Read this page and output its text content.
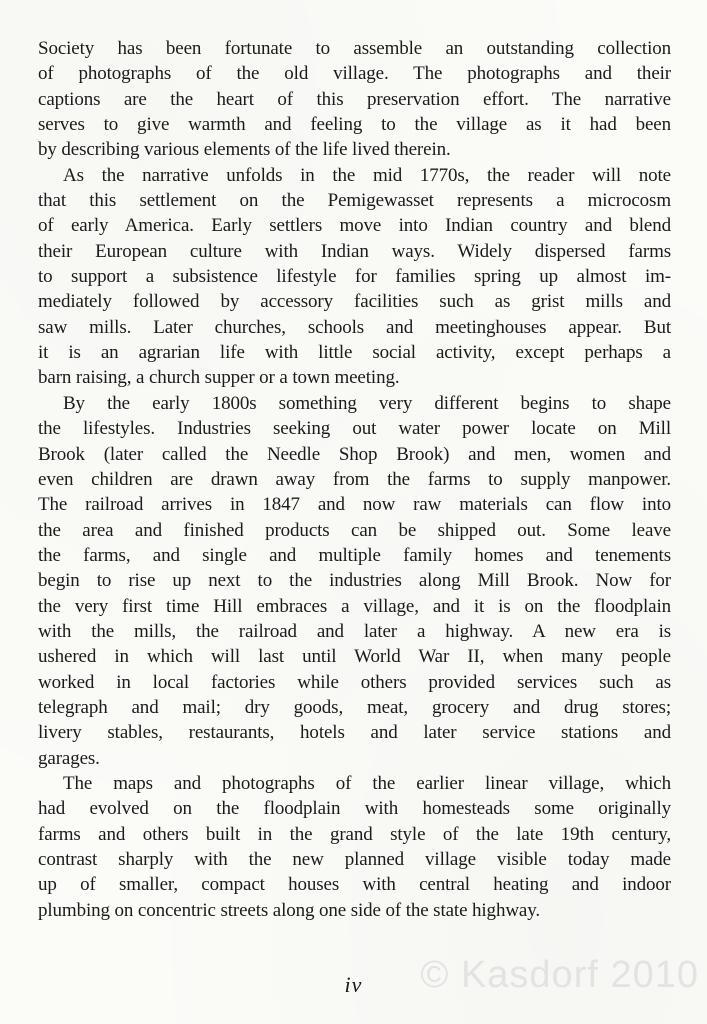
Society has been fortunate to assemble an outstanding collection
of photographs of the old village. The photographs and their
captions are the heart of this preservation effort. The narrative
serves to give warmth and feeling to the village as it had been
by describing various elements of the life lived therein.
As the narrative unfolds in the mid 1770s, the reader will note
that this settlement on the Pemigewasset represents a microcosm
of early America. Early settlers move into Indian country and blend
their European culture with Indian ways. Widely dispersed farms
to support a subsistence lifestyle for families spring up almost im-
mediately followed by accessory facilities such as grist mills and
saw mills. Later churches, schools and meetinghouses appear. But
it is an agrarian life with little social activity, except perhaps a
barn raising, a church supper or a town meeting.
By the early 1800s something very different begins to shape
the lifestyles. Industries seeking out water power locate on Mill
Brook (later called the Needle Shop Brook) and men, women and
even children are drawn away from the farms to supply manpower.
The railroad arrives in 1847 and now raw materials can flow into
the area and finished products can be shipped out. Some leave
the farms, and single and multiple family homes and tenements
begin to rise up next to the industries along Mill Brook. Now for
the very first time Hill embraces a village, and it is on the floodplain
with the mills, the railroad and later a highway. A new era is
ushered in which will last until World War II, when many people
worked in local factories while others provided services such as
telegraph and mail; dry goods, meat, grocery and drug stores;
livery stables, restaurants, hotels and later service stations and
garages.
The maps and photographs of the earlier linear village, which
had evolved on the floodplain with homesteads some originally
farms and others built in the grand style of the late 19th century,
contrast sharply with the new planned village visible today made
up of smaller, compact houses with central heating and indoor
plumbing on concentric streets along one side of the state highway.
iv	© Kasdorf 2010
